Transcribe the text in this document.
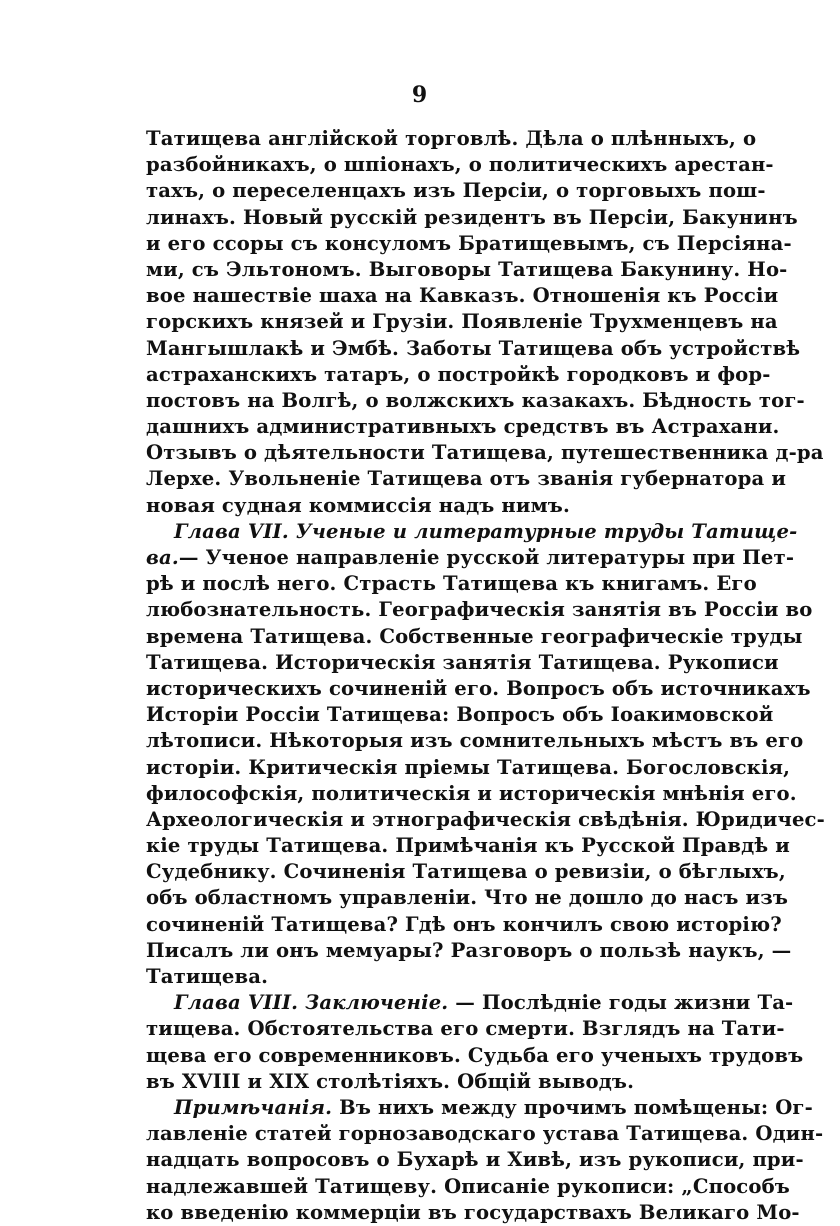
9
Татищева англійской торговлѣ. Дѣла о плѣнныхъ, о
разбойникахъ, о шпіонахъ, о политическихъ арестан-
тахъ, о переселенцахъ изъ Персіи, о торговыхъ пош-
линахъ. Новый русскій резидентъ въ Персіи, Бакунинъ
и его ссоры съ консуломъ Братищевымъ, съ Персіяна-
ми, съ Эльтономъ. Выговоры Татищева Бакунину. Но-
вое нашествіе шаха на Кавказъ. Отношенія къ Россіи
горскихъ князей и Грузіи. Появленіе Трухменцевъ на
Мангышлакѣ и Эмбѣ. Заботы Татищева объ устройствѣ
астраханскихъ татаръ, о постройкѣ городковъ и фор-
постовъ на Волгѣ, о волжскихъ казакахъ. Бѣдность тог-
дашнихъ административныхъ средствъ въ Астрахани.
Отзывъ о дѣятельности Татищева, путешественника д-ра
Лерхе. Увольненіе Татищева отъ званія губернатора и
новая судная коммиссія надъ нимъ.
Глава VII. Ученые и литературные труды Татище-
ва.— Ученое направленіе русской литературы при Пет-
рѣ и послѣ него. Страсть Татищева къ книгамъ. Его
любознательность. Географическія занятія въ Россіи во
времена Татищева. Собственные географическіе труды
Татищева. Историческія занятія Татищева. Рукописи
историческихъ сочиненій его. Вопросъ объ источникахъ
Исторіи Россіи Татищева: Вопросъ объ Іоакимовской
лѣтописи. Нѣкоторыя изъ сомнительныхъ мѣстъ въ его
исторіи. Критическія пріемы Татищева. Богословскія,
философскія, политическія и историческія мнѣнія его.
Археологическія и этнографическія свѣдѣнія. Юридичес-
кіе труды Татищева. Примѣчанія къ Русской Правдѣ и
Судебнику. Сочиненія Татищева о ревизіи, о бѣглыхъ,
объ областномъ управленіи. Что не дошло до насъ изъ
сочиненій Татищева? Гдѣ онъ кончилъ свою исторію?
Писалъ ли онъ мемуары? Разговоръ о пользѣ наукъ, —
Татищева.
Глава VIII. Заключеніе. — Послѣдніе годы жизни Та-
тищева. Обстоятельства его смерти. Взглядъ на Тати-
щева его современниковъ. Судьба его ученыхъ трудовъ
въ XVIII и XIX столѣтіяхъ. Общій выводъ.
Примѣчанія. Въ нихъ между прочимъ помѣщены: Ог-
лавленіе статей горнозаводскаго устава Татищева. Один-
надцать вопросовъ о Бухарѣ и Хивѣ, изъ рукописи, при-
надлежавшей Татищеву. Описаніе рукописи: „Способъ
ко введенію коммерціи въ государствахъ Великаго Мо-
